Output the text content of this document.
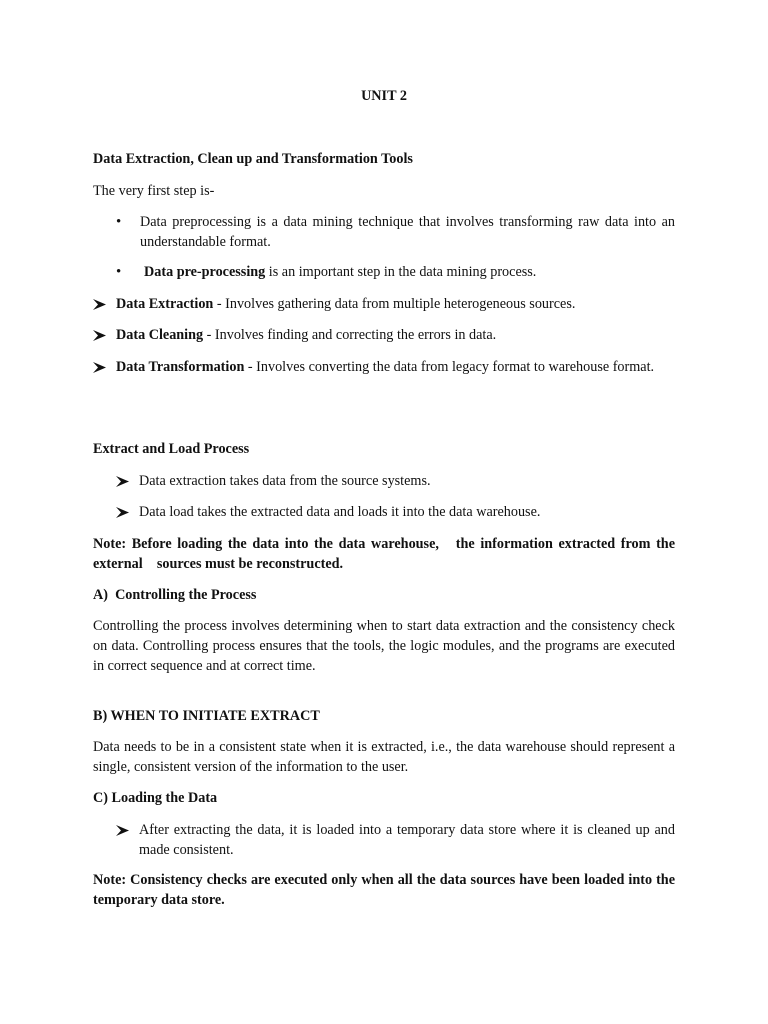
UNIT 2
Data Extraction, Clean up and Transformation Tools
The very first step is-
•	Data preprocessing is a data mining technique that involves transforming raw data into an understandable format.
•	Data pre-processing is an important step in the data mining process.
Data Extraction - Involves gathering data from multiple heterogeneous sources.
Data Cleaning - Involves finding and correcting the errors in data.
Data Transformation - Involves converting the data from legacy format to warehouse format.
Extract and Load Process
Data extraction takes data from the source systems.
Data load takes the extracted data and loads it into the data warehouse.
Note: Before loading the data into the data warehouse,   the information extracted from the external    sources must be reconstructed.
A)  Controlling the Process
Controlling the process involves determining when to start data extraction and the consistency check on data. Controlling process ensures that the tools, the logic modules, and the programs are executed in correct sequence and at correct time.
B) WHEN TO INITIATE EXTRACT
Data needs to be in a consistent state when it is extracted, i.e., the data warehouse should represent a single, consistent version of the information to the user.
C) Loading the Data
After extracting the data, it is loaded into a temporary data store where it is cleaned up and made consistent.
Note: Consistency checks are executed only when all the data sources have been loaded into the temporary data store.
